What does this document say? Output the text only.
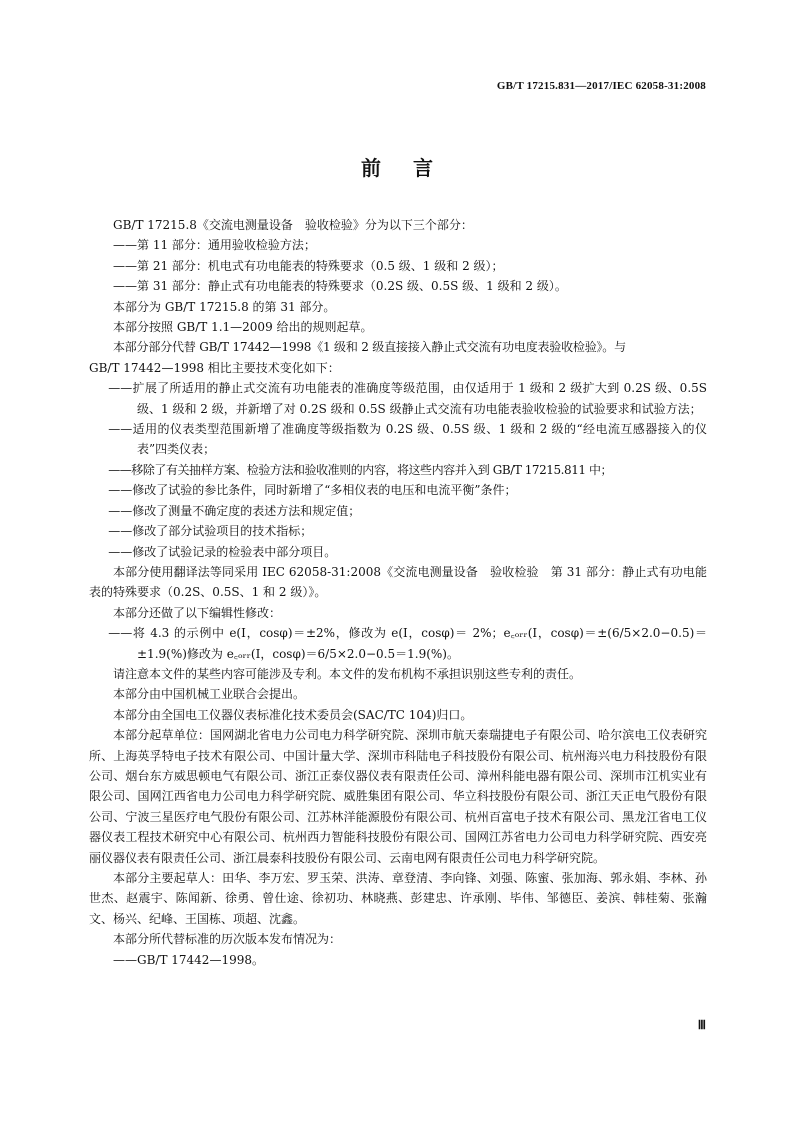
GB/T 17215.831—2017/IEC 62058-31:2008
前言

GB/T 17215.8《交流电测量设备　验收检验》分为以下三个部分：

——第 11 部分：通用验收检验方法；

——第 21 部分：机电式有功电能表的特殊要求（0.5 级、1 级和 2 级）；

——第 31 部分：静止式有功电能表的特殊要求（0.2S 级、0.5S 级、1 级和 2 级）。

本部分为 GB/T 17215.8 的第 31 部分。

本部分按照 GB/T 1.1—2009 给出的规则起草。

本部分部分代替 GB/T 17442—1998《1 级和 2 级直接接入静止式交流有功电度表验收检验》。与

GB/T 17442—1998 相比主要技术变化如下：

——扩展了所适用的静止式交流有功电能表的准确度等级范围，由仅适用于 1 级和 2 级扩大到 0.2S 级、0.5S 级、1 级和 2 级，并新增了对 0.2S 级和 0.5S 级静止式交流有功电能表验收检验的试验要求和试验方法；

——适用的仪表类型范围新增了准确度等级指数为 0.2S 级、0.5S 级、1 级和 2 级的“经电流互感器接入的仪表”四类仪表；

——移除了有关抽样方案、检验方法和验收准则的内容，将这些内容并入到 GB/T 17215.811 中；

——修改了试验的参比条件，同时新增了“多相仪表的电压和电流平衡”条件；

——修改了测量不确定度的表述方法和规定值；

——修改了部分试验项目的技术指标；

——修改了试验记录的检验表中部分项目。

本部分使用翻译法等同采用 IEC 62058-31:2008《交流电测量设备　验收检验　第 31 部分：静止式有功电能表的特殊要求（0.2S、0.5S、1 和 2 级）》。

本部分还做了以下编辑性修改：

——将 4.3 的示例中 e(I，cosφ)＝±2%，修改为 e(I，cosφ)＝ 2%；e꜀ₒᵣᵣ(I，cosφ)＝±(6/5×2.0−0.5)＝±1.9(%)修改为 e꜀ₒᵣᵣ(I，cosφ)＝6/5×2.0−0.5＝1.9(%)。

请注意本文件的某些内容可能涉及专利。本文件的发布机构不承担识别这些专利的责任。

本部分由中国机械工业联合会提出。

本部分由全国电工仪器仪表标准化技术委员会(SAC/TC 104)归口。

本部分起草单位：国网湖北省电力公司电力科学研究院、深圳市航天泰瑞捷电子有限公司、哈尔滨电工仪表研究所、上海英孚特电子技术有限公司、中国计量大学、深圳市科陆电子科技股份有限公司、杭州海兴电力科技股份有限公司、烟台东方威思顿电气有限公司、浙江正泰仪器仪表有限责任公司、漳州科能电器有限公司、深圳市江机实业有限公司、国网江西省电力公司电力科学研究院、威胜集团有限公司、华立科技股份有限公司、浙江天正电气股份有限公司、宁波三星医疗电气股份有限公司、江苏林洋能源股份有限公司、杭州百富电子技术有限公司、黑龙江省电工仪器仪表工程技术研究中心有限公司、杭州西力智能科技股份有限公司、国网江苏省电力公司电力科学研究院、西安亮丽仪器仪表有限责任公司、浙江晨泰科技股份有限公司、云南电网有限责任公司电力科学研究院。

本部分主要起草人：田华、李万宏、罗玉荣、洪涛、章登清、李向锋、刘强、陈蜜、张加海、郭永娟、李林、孙世杰、赵震宇、陈闻新、徐勇、曾仕途、徐初功、林晓燕、彭建忠、许承刚、毕伟、邹德臣、姜滨、韩桂菊、张瀚文、杨兴、纪峰、王国栋、项超、沈鑫。

本部分所代替标准的历次版本发布情况为：

——GB/T 17442—1998。

Ⅲ
